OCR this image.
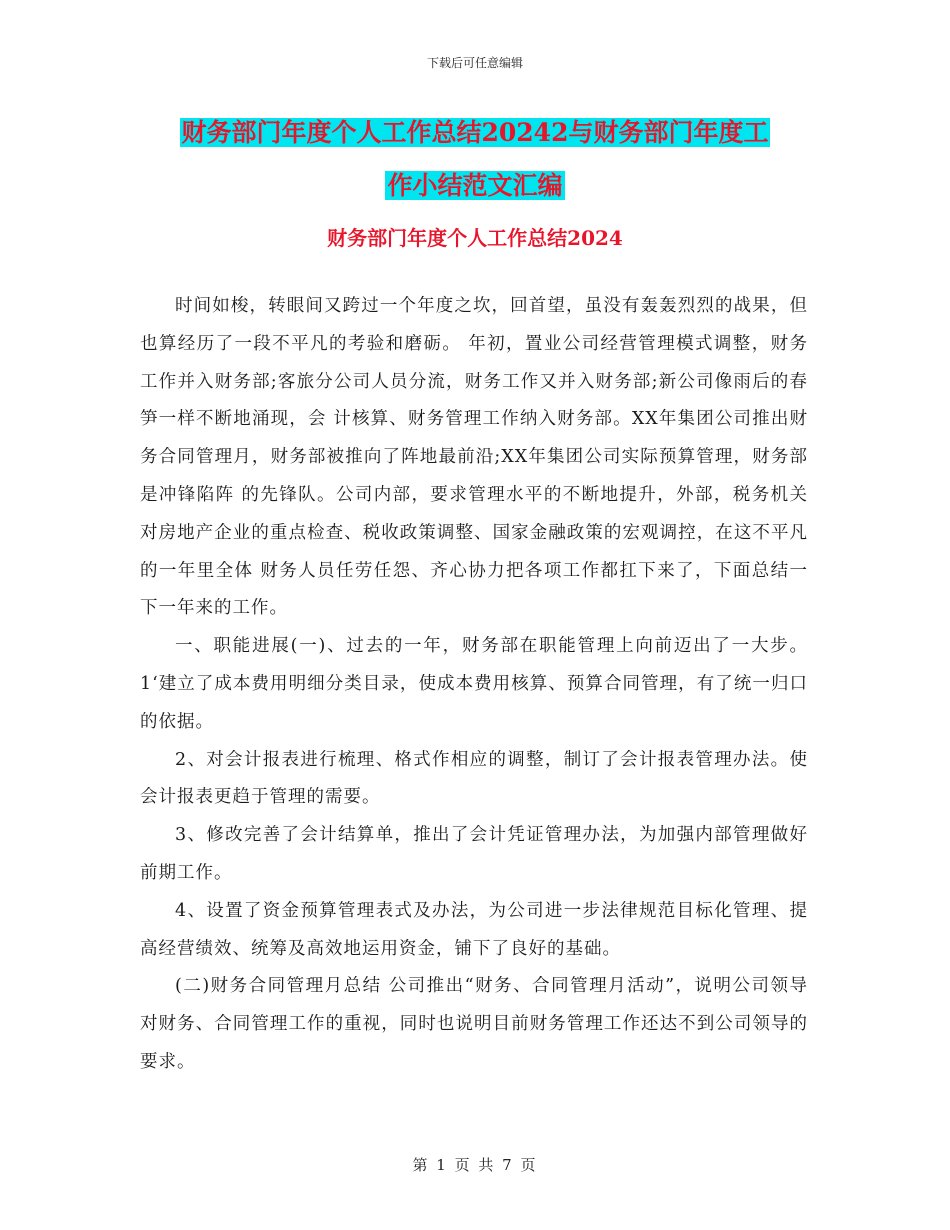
下载后可任意编辑
财务部门年度个人工作总结20242与财务部门年度工
作小结范文汇编
财务部门年度个人工作总结2024

时间如梭，转眼间又跨过一个年度之坎，回首望，虽没有轰轰烈烈的战果，但也算经历了一段不平凡的考验和磨砺。 年初，置业公司经营管理模式调整，财务工作并入财务部;客旅分公司人员分流，财务工作又并入财务部;新公司像雨后的春笋一样不断地涌现，会 计核算、财务管理工作纳入财务部。XX年集团公司推出财务合同管理月，财务部被推向了阵地最前沿;XX年集团公司实际预算管理，财务部是冲锋陷阵 的先锋队。公司内部，要求管理水平的不断地提升，外部，税务机关对房地产企业的重点检查、税收政策调整、国家金融政策的宏观调控，在这不平凡的一年里全体 财务人员任劳任怨、齐心协力把各项工作都扛下来了，下面总结一下一年来的工作。

一、职能进展(一)、过去的一年，财务部在职能管理上向前迈出了一大步。 1‘建立了成本费用明细分类目录，使成本费用核算、预算合同管理，有了统一归口的依据。

2、对会计报表进行梳理、格式作相应的调整，制订了会计报表管理办法。使会计报表更趋于管理的需要。

3、修改完善了会计结算单，推出了会计凭证管理办法，为加强内部管理做好前期工作。

4、设置了资金预算管理表式及办法，为公司进一步法律规范目标化管理、提高经营绩效、统筹及高效地运用资金，铺下了良好的基础。

(二)财务合同管理月总结 公司推出“财务、合同管理月活动”，说明公司领导对财务、合同管理工作的重视，同时也说明目前财务管理工作还达不到公司领导的要求。

第 1 页 共 7 页
